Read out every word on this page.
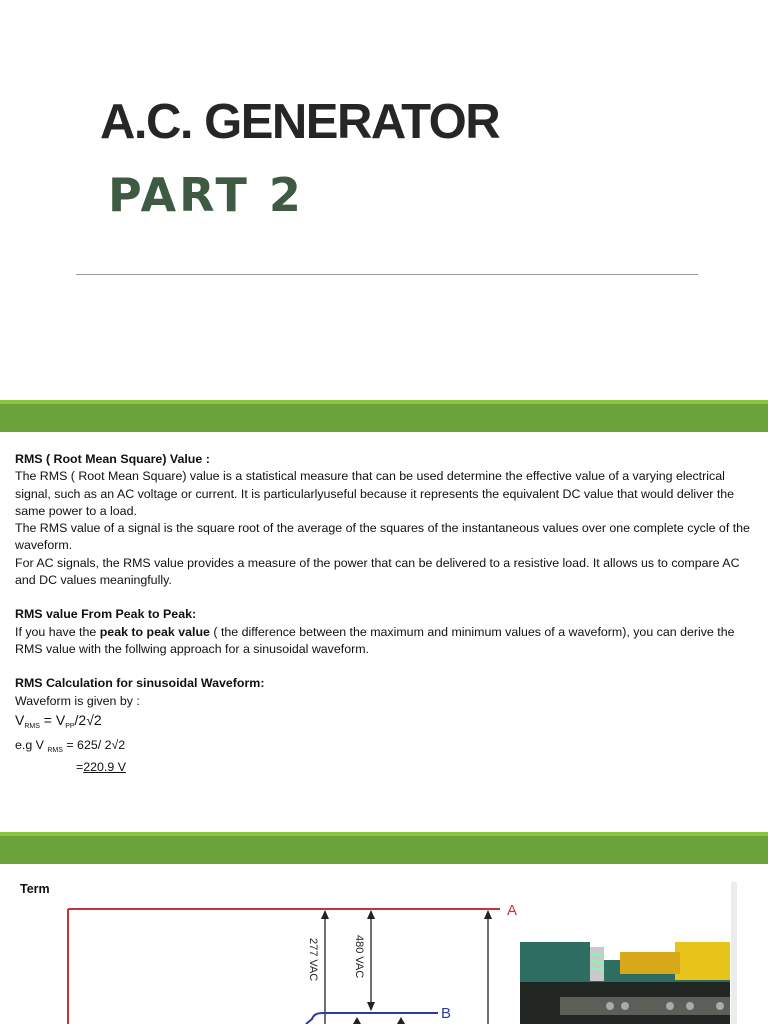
A.C. GENERATOR
PART 2

RMS ( Root Mean Square) Value :

The RMS ( Root Mean Square) value is a statistical measure that can be used determine the effective value of a varying electrical signal, such as an AC voltage or current. It is particularlyuseful because it represents the equivalent DC value that would deliver the same power to a load.

The RMS value of a signal is the square root of the average of the squares of the instantaneous values over one complete cycle of the waveform.

For AC signals, the RMS value provides a measure of the power that can be delivered to a resistive load. It allows us to compare AC and DC values meaningfully.

RMS value From Peak to Peak:

If you have the peak to peak value ( the difference between the maximum and minimum values of a waveform), you can derive the RMS value with the follwing approach for a sinusoidal waveform.

RMS Calculation for sinusoidal Waveform:

Waveform is given by :

$V_{RMS} = V_{PP}/2√2$

e.g V $_{RMS}$ = 625/ 2√2

=220.9 V

Term
277 VAC	480 VAC
A
B
